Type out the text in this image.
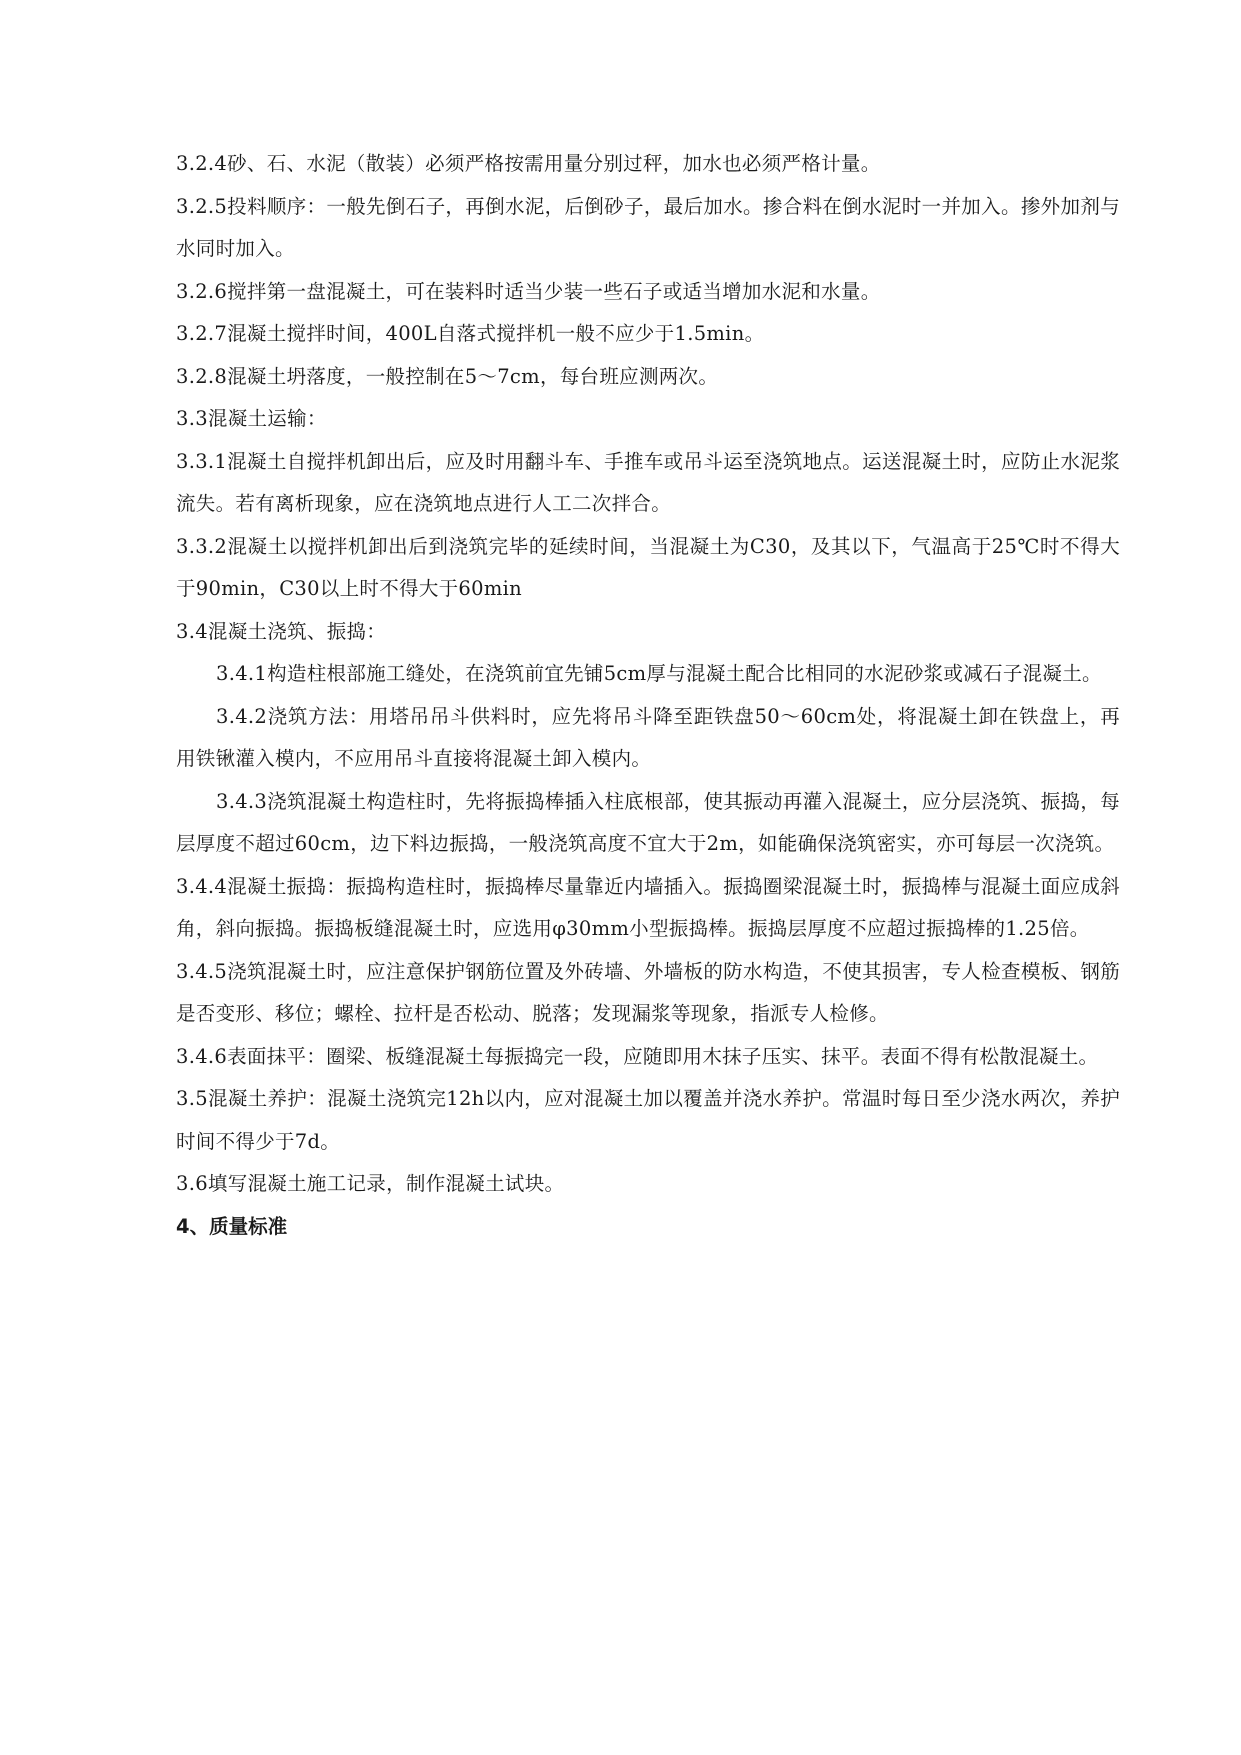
3.2.4砂、石、水泥（散装）必须严格按需用量分别过秤，加水也必须严格计量。

3.2.5投料顺序：一般先倒石子，再倒水泥，后倒砂子，最后加水。掺合料在倒水泥时一并加入。掺外加剂与水同时加入。

3.2.6搅拌第一盘混凝土，可在装料时适当少装一些石子或适当增加水泥和水量。

3.2.7混凝土搅拌时间，400L自落式搅拌机一般不应少于1.5min。

3.2.8混凝土坍落度，一般控制在5～7cm，每台班应测两次。

3.3混凝土运输：

3.3.1混凝土自搅拌机卸出后，应及时用翻斗车、手推车或吊斗运至浇筑地点。运送混凝土时，应防止水泥浆流失。若有离析现象，应在浇筑地点进行人工二次拌合。

3.3.2混凝土以搅拌机卸出后到浇筑完毕的延续时间，当混凝土为C30，及其以下，气温高于25℃时不得大于90min，C30以上时不得大于60min

3.4混凝土浇筑、振捣：

3.4.1构造柱根部施工缝处，在浇筑前宜先铺5cm厚与混凝土配合比相同的水泥砂浆或减石子混凝土。

3.4.2浇筑方法：用塔吊吊斗供料时，应先将吊斗降至距铁盘50～60cm处，将混凝土卸在铁盘上，再用铁锹灌入模内，不应用吊斗直接将混凝土卸入模内。

3.4.3浇筑混凝土构造柱时，先将振捣棒插入柱底根部，使其振动再灌入混凝土，应分层浇筑、振捣，每层厚度不超过60cm，边下料边振捣，一般浇筑高度不宜大于2m，如能确保浇筑密实，亦可每层一次浇筑。

3.4.4混凝土振捣：振捣构造柱时，振捣棒尽量靠近内墙插入。振捣圈梁混凝土时，振捣棒与混凝土面应成斜角，斜向振捣。振捣板缝混凝土时，应选用φ30mm小型振捣棒。振捣层厚度不应超过振捣棒的1.25倍。

3.4.5浇筑混凝土时，应注意保护钢筋位置及外砖墙、外墙板的防水构造，不使其损害，专人检查模板、钢筋是否变形、移位；螺栓、拉杆是否松动、脱落；发现漏浆等现象，指派专人检修。

3.4.6表面抹平：圈梁、板缝混凝土每振捣完一段，应随即用木抹子压实、抹平。表面不得有松散混凝土。

3.5混凝土养护：混凝土浇筑完12h以内，应对混凝土加以覆盖并浇水养护。常温时每日至少浇水两次，养护时间不得少于7d。

3.6填写混凝土施工记录，制作混凝土试块。

4、质量标准
